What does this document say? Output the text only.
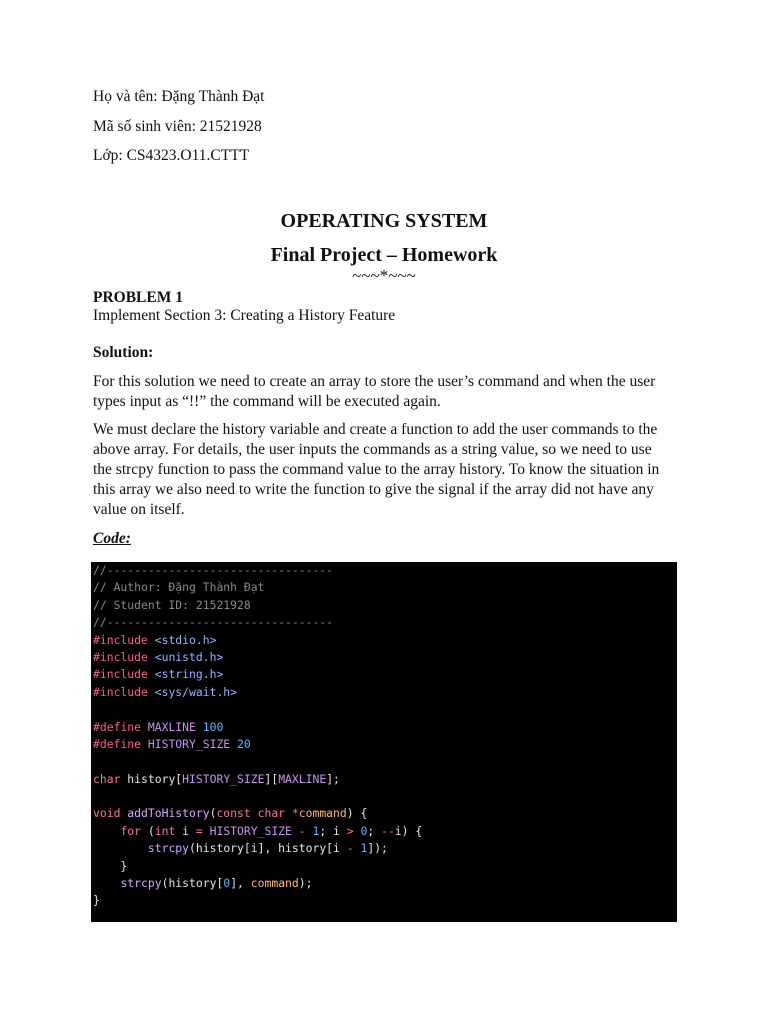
Họ và tên: Đặng Thành Đạt
Mã số sinh viên: 21521928
Lớp: CS4323.O11.CTTT
OPERATING SYSTEM
Final Project – Homework
~~~*~~~
PROBLEM 1
Implement Section 3: Creating a History Feature
Solution:
For this solution we need to create an array to store the user’s command and when the user types input as “!!” the command will be executed again.
We must declare the history variable and create a function to add the user commands to the above array. For details, the user inputs the commands as a string value, so we need to use the strcpy function to pass the command value to the array history. To know the situation in this array we also need to write the function to give the signal if the array did not have any value on itself.
Code:
//---------------------------------
// Author: Đặng Thành Đạt
// Student ID: 21521928
//---------------------------------
#include <stdio.h>
#include <unistd.h>
#include <string.h>
#include <sys/wait.h>

#define MAXLINE 100
#define HISTORY_SIZE 20

char history[HISTORY_SIZE][MAXLINE];

void addToHistory(const char *command) {
for (int i = HISTORY_SIZE - 1; i > 0; --i) {
strcpy(history[i], history[i - 1]);
}
strcpy(history[0], command);
}
